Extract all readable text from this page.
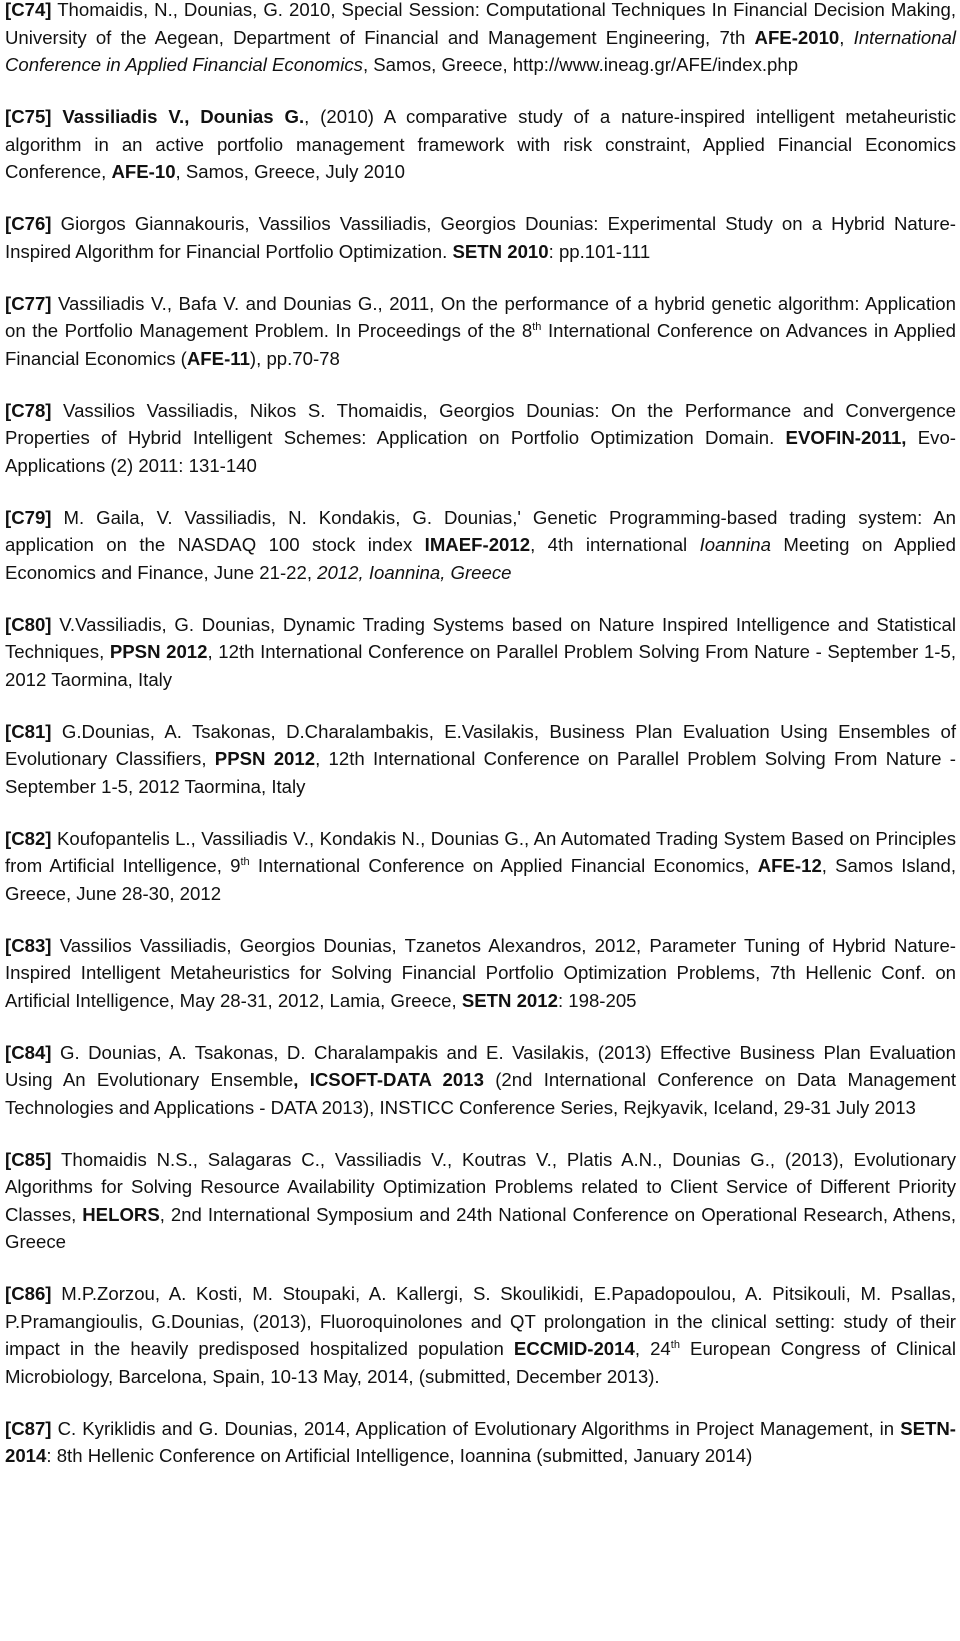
[C74] Thomaidis, N., Dounias, G. 2010, Special Session: Computational Techniques In Financial Decision Making, University of the Aegean, Department of Financial and Management Engineering, 7th AFE-2010, International Conference in Applied Financial Economics, Samos, Greece, http://www.ineag.gr/AFE/index.php

[C75] Vassiliadis V., Dounias G., (2010) A comparative study of a nature-inspired intelligent metaheuristic algorithm in an active portfolio management framework with risk constraint, Applied Financial Economics Conference, AFE-10, Samos, Greece, July 2010

[C76] Giorgos Giannakouris, Vassilios Vassiliadis, Georgios Dounias: Experimental Study on a Hybrid Nature-Inspired Algorithm for Financial Portfolio Optimization. SETN 2010: pp.101-111

[C77] Vassiliadis V., Bafa V. and Dounias G., 2011, On the performance of a hybrid genetic algorithm: Application on the Portfolio Management Problem. In Proceedings of the 8th International Conference on Advances in Applied Financial Economics (AFE-11), pp.70-78

[C78] Vassilios Vassiliadis, Nikos S. Thomaidis, Georgios Dounias: On the Performance and Convergence Properties of Hybrid Intelligent Schemes: Application on Portfolio Optimization Domain. EVOFIN-2011, Evo-Applications (2) 2011: 131-140

[C79] M. Gaila, V. Vassiliadis, N. Kondakis, G. Dounias,' Genetic Programming-based trading system: An application on the NASDAQ 100 stock index IMAEF-2012, 4th international Ioannina Meeting on Applied Economics and Finance, June 21-22, 2012, Ioannina, Greece

[C80] V.Vassiliadis, G. Dounias, Dynamic Trading Systems based on Nature Inspired Intelligence and Statistical Techniques, PPSN 2012, 12th International Conference on Parallel Problem Solving From Nature - September 1-5, 2012 Taormina, Italy

[C81] G.Dounias, A. Tsakonas, D.Charalambakis, E.Vasilakis, Business Plan Evaluation Using Ensembles of Evolutionary Classifiers, PPSN 2012, 12th International Conference on Parallel Problem Solving From Nature - September 1-5, 2012 Taormina, Italy

[C82] Koufopantelis L., Vassiliadis V., Kondakis N., Dounias G., An Automated Trading System Based on Principles from Artificial Intelligence, 9th International Conference on Applied Financial Economics, AFE-12, Samos Island, Greece, June 28-30, 2012

[C83] Vassilios Vassiliadis, Georgios Dounias, Tzanetos Alexandros, 2012, Parameter Tuning of Hybrid Nature-Inspired Intelligent Metaheuristics for Solving Financial Portfolio Optimization Problems, 7th Hellenic Conf. on Artificial Intelligence, May 28-31, 2012, Lamia, Greece, SETN 2012: 198-205

[C84] G. Dounias, A. Tsakonas, D. Charalampakis and E. Vasilakis, (2013) Effective Business Plan Evaluation Using An Evolutionary Ensemble, ICSOFT-DATA 2013 (2nd International Conference on Data Management Technologies and Applications - DATA 2013), INSTICC Conference Series, Rejkyavik, Iceland, 29-31 July 2013

[C85] Thomaidis N.S., Salagaras C., Vassiliadis V., Koutras V., Platis A.N., Dounias G., (2013), Evolutionary Algorithms for Solving Resource Availability Optimization Problems related to Client Service of Different Priority Classes, HELORS, 2nd International Symposium and 24th National Conference on Operational Research, Athens, Greece

[C86] M.P.Zorzou, A. Kosti, M. Stoupaki, A. Kallergi, S. Skoulikidi, E.Papadopoulou, A. Pitsikouli, M. Psallas, P.Pramangioulis, G.Dounias, (2013), Fluoroquinolones and QT prolongation in the clinical setting: study of their impact in the heavily predisposed hospitalized population ECCMID-2014, 24th European Congress of Clinical Microbiology, Barcelona, Spain, 10-13 May, 2014, (submitted, December 2013).

[C87] C. Kyriklidis and G. Dounias, 2014, Application of Evolutionary Algorithms in Project Management, in SETN-2014: 8th Hellenic Conference on Artificial Intelligence, Ioannina (submitted, January 2014)
